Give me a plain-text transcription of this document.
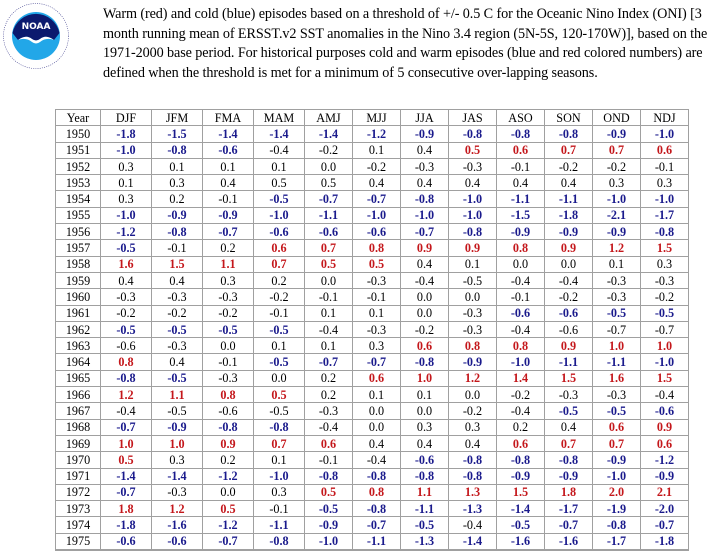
NOAA
Warm (red) and cold (blue) episodes based on a threshold of +/- 0.5 C for the Oceanic Nino Index (ONI) [3 month running mean of ERSST.v2 SST anomalies in the Nino 3.4 region (5N-5S, 120-170W)], based on the 1971-2000 base period. For historical purposes cold and warm episodes (blue and red colored numbers) are defined when the threshold is met for a minimum of 5 consecutive over-lapping seasons.
Year	DJF	JFM	FMA	MAM	AMJ	MJJ	JJA	JAS	ASO	SON	OND	NDJ
1950	-1.8	-1.5	-1.4	-1.4	-1.4	-1.2	-0.9	-0.8	-0.8	-0.8	-0.9	-1.0
1951	-1.0	-0.8	-0.6	-0.4	-0.2	0.1	0.4	0.5	0.6	0.7	0.7	0.6
1952	0.3	0.1	0.1	0.1	0.0	-0.2	-0.3	-0.3	-0.1	-0.2	-0.2	-0.1
1953	0.1	0.3	0.4	0.5	0.5	0.4	0.4	0.4	0.4	0.4	0.3	0.3
1954	0.3	0.2	-0.1	-0.5	-0.7	-0.7	-0.8	-1.0	-1.1	-1.1	-1.0	-1.0
1955	-1.0	-0.9	-0.9	-1.0	-1.1	-1.0	-1.0	-1.0	-1.5	-1.8	-2.1	-1.7
1956	-1.2	-0.8	-0.7	-0.6	-0.6	-0.6	-0.7	-0.8	-0.9	-0.9	-0.9	-0.8
1957	-0.5	-0.1	0.2	0.6	0.7	0.8	0.9	0.9	0.8	0.9	1.2	1.5
1958	1.6	1.5	1.1	0.7	0.5	0.5	0.4	0.1	0.0	0.0	0.1	0.3
1959	0.4	0.4	0.3	0.2	0.0	-0.3	-0.4	-0.5	-0.4	-0.4	-0.3	-0.3
1960	-0.3	-0.3	-0.3	-0.2	-0.1	-0.1	0.0	0.0	-0.1	-0.2	-0.3	-0.2
1961	-0.2	-0.2	-0.2	-0.1	0.1	0.1	0.0	-0.3	-0.6	-0.6	-0.5	-0.5
1962	-0.5	-0.5	-0.5	-0.5	-0.4	-0.3	-0.2	-0.3	-0.4	-0.6	-0.7	-0.7
1963	-0.6	-0.3	0.0	0.1	0.1	0.3	0.6	0.8	0.8	0.9	1.0	1.0
1964	0.8	0.4	-0.1	-0.5	-0.7	-0.7	-0.8	-0.9	-1.0	-1.1	-1.1	-1.0
1965	-0.8	-0.5	-0.3	0.0	0.2	0.6	1.0	1.2	1.4	1.5	1.6	1.5
1966	1.2	1.1	0.8	0.5	0.2	0.1	0.1	0.0	-0.2	-0.3	-0.3	-0.4
1967	-0.4	-0.5	-0.6	-0.5	-0.3	0.0	0.0	-0.2	-0.4	-0.5	-0.5	-0.6
1968	-0.7	-0.9	-0.8	-0.8	-0.4	0.0	0.3	0.3	0.2	0.4	0.6	0.9
1969	1.0	1.0	0.9	0.7	0.6	0.4	0.4	0.4	0.6	0.7	0.7	0.6
1970	0.5	0.3	0.2	0.1	-0.1	-0.4	-0.6	-0.8	-0.8	-0.8	-0.9	-1.2
1971	-1.4	-1.4	-1.2	-1.0	-0.8	-0.8	-0.8	-0.8	-0.9	-0.9	-1.0	-0.9
1972	-0.7	-0.3	0.0	0.3	0.5	0.8	1.1	1.3	1.5	1.8	2.0	2.1
1973	1.8	1.2	0.5	-0.1	-0.5	-0.8	-1.1	-1.3	-1.4	-1.7	-1.9	-2.0
1974	-1.8	-1.6	-1.2	-1.1	-0.9	-0.7	-0.5	-0.4	-0.5	-0.7	-0.8	-0.7
1975	-0.6	-0.6	-0.7	-0.8	-1.0	-1.1	-1.3	-1.4	-1.6	-1.6	-1.7	-1.8
